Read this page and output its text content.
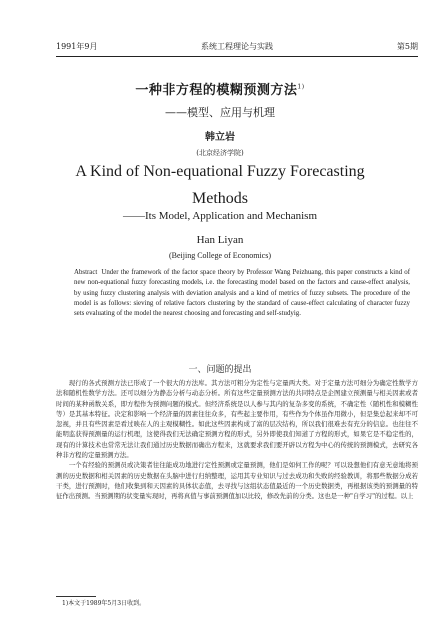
1991年9月	系统工程理论与实践	第5期
一种非方程的模糊预测方法$^{1)}$
——模型、应用与机理
韩立岩
(北京经济学院)
A Kind of Non-equational Fuzzy Forecasting
Methods
——Its Model, Application and Mechanism
Han Liyan
(Beijing College of Economics)
Abstract Under the framework of the factor space theory by Professor Wang Peizhuang, this paper constructs a kind of new non-equational fuzzy forecasting models, i.e. the forecasting model based on the factors and cause-effect analysis, by using fuzzy clustering analysis with deviation analysis and a kind of metrics of fuzzy subsets. The procedure of the model is as follows: sieving of relative factors clustering by the standard of cause-effect calculating of character fuzzy sets evaluating of the model the nearest choosing and forecasting and self-studyig.
一、问题的提出

现行的各式预测方法已形成了一个很大的方法库。其方法可粗分为定性与定量两大类。对于定量方法可细分为确定性数学方法和随机性数学方法。还可以细分为静态分析与动态分析。所有这些定量预测方法的共同特点是企图建立预测量与相关因素或者时间的某种函数关系，即方程作为预测问题的模式。但经济系统是以人参与其内的复杂多变的系统，不确定性（随机性和模糊性等）是其基本特征。决定和影响一个经济量的因素往往众多，有些起主要作用，有些作为个体虽作用微小，但是集总起来却不可忽视，并且有些因素是看过映在人的主观模糊性。如此这些因素构成了富的层次结构，所以我们很难去有充分的信息。也往往不能明监获得预测量的运行机理，这使得我们无法确定预测方程的形式，另外即使我们知道了方程的形式，如果它是不稳定性的，现有的计算技术也常常无法让我们通过历史数据而确出方程来，这就要求我们要开辟以方程为中心的传统的预测模式，去研究各种非方程的定量预测方法。

一个有经验的预测员或决策者往往能成功地进行定性预测或定量预测，他们是如何工作的呢？可以设想他们有意无意地将预测的历史数据和相关因素的历史数据在头脑中进行归纳整理，运用其专业知识与过去成功和失败的经验教训，将那些数据分成若干类，进行预测时，他们收集到和天因素的具体状态值，去寻找与这组状态值最近的一个历史数据类，再根据该类的预测量的特征作出预测。当预测期的状变量实现时，再将真值与事前预测值加以比较，修改先前的分类。这也是一种"自学习"的过程。以上

1)本文于1989年5月3日收到。
